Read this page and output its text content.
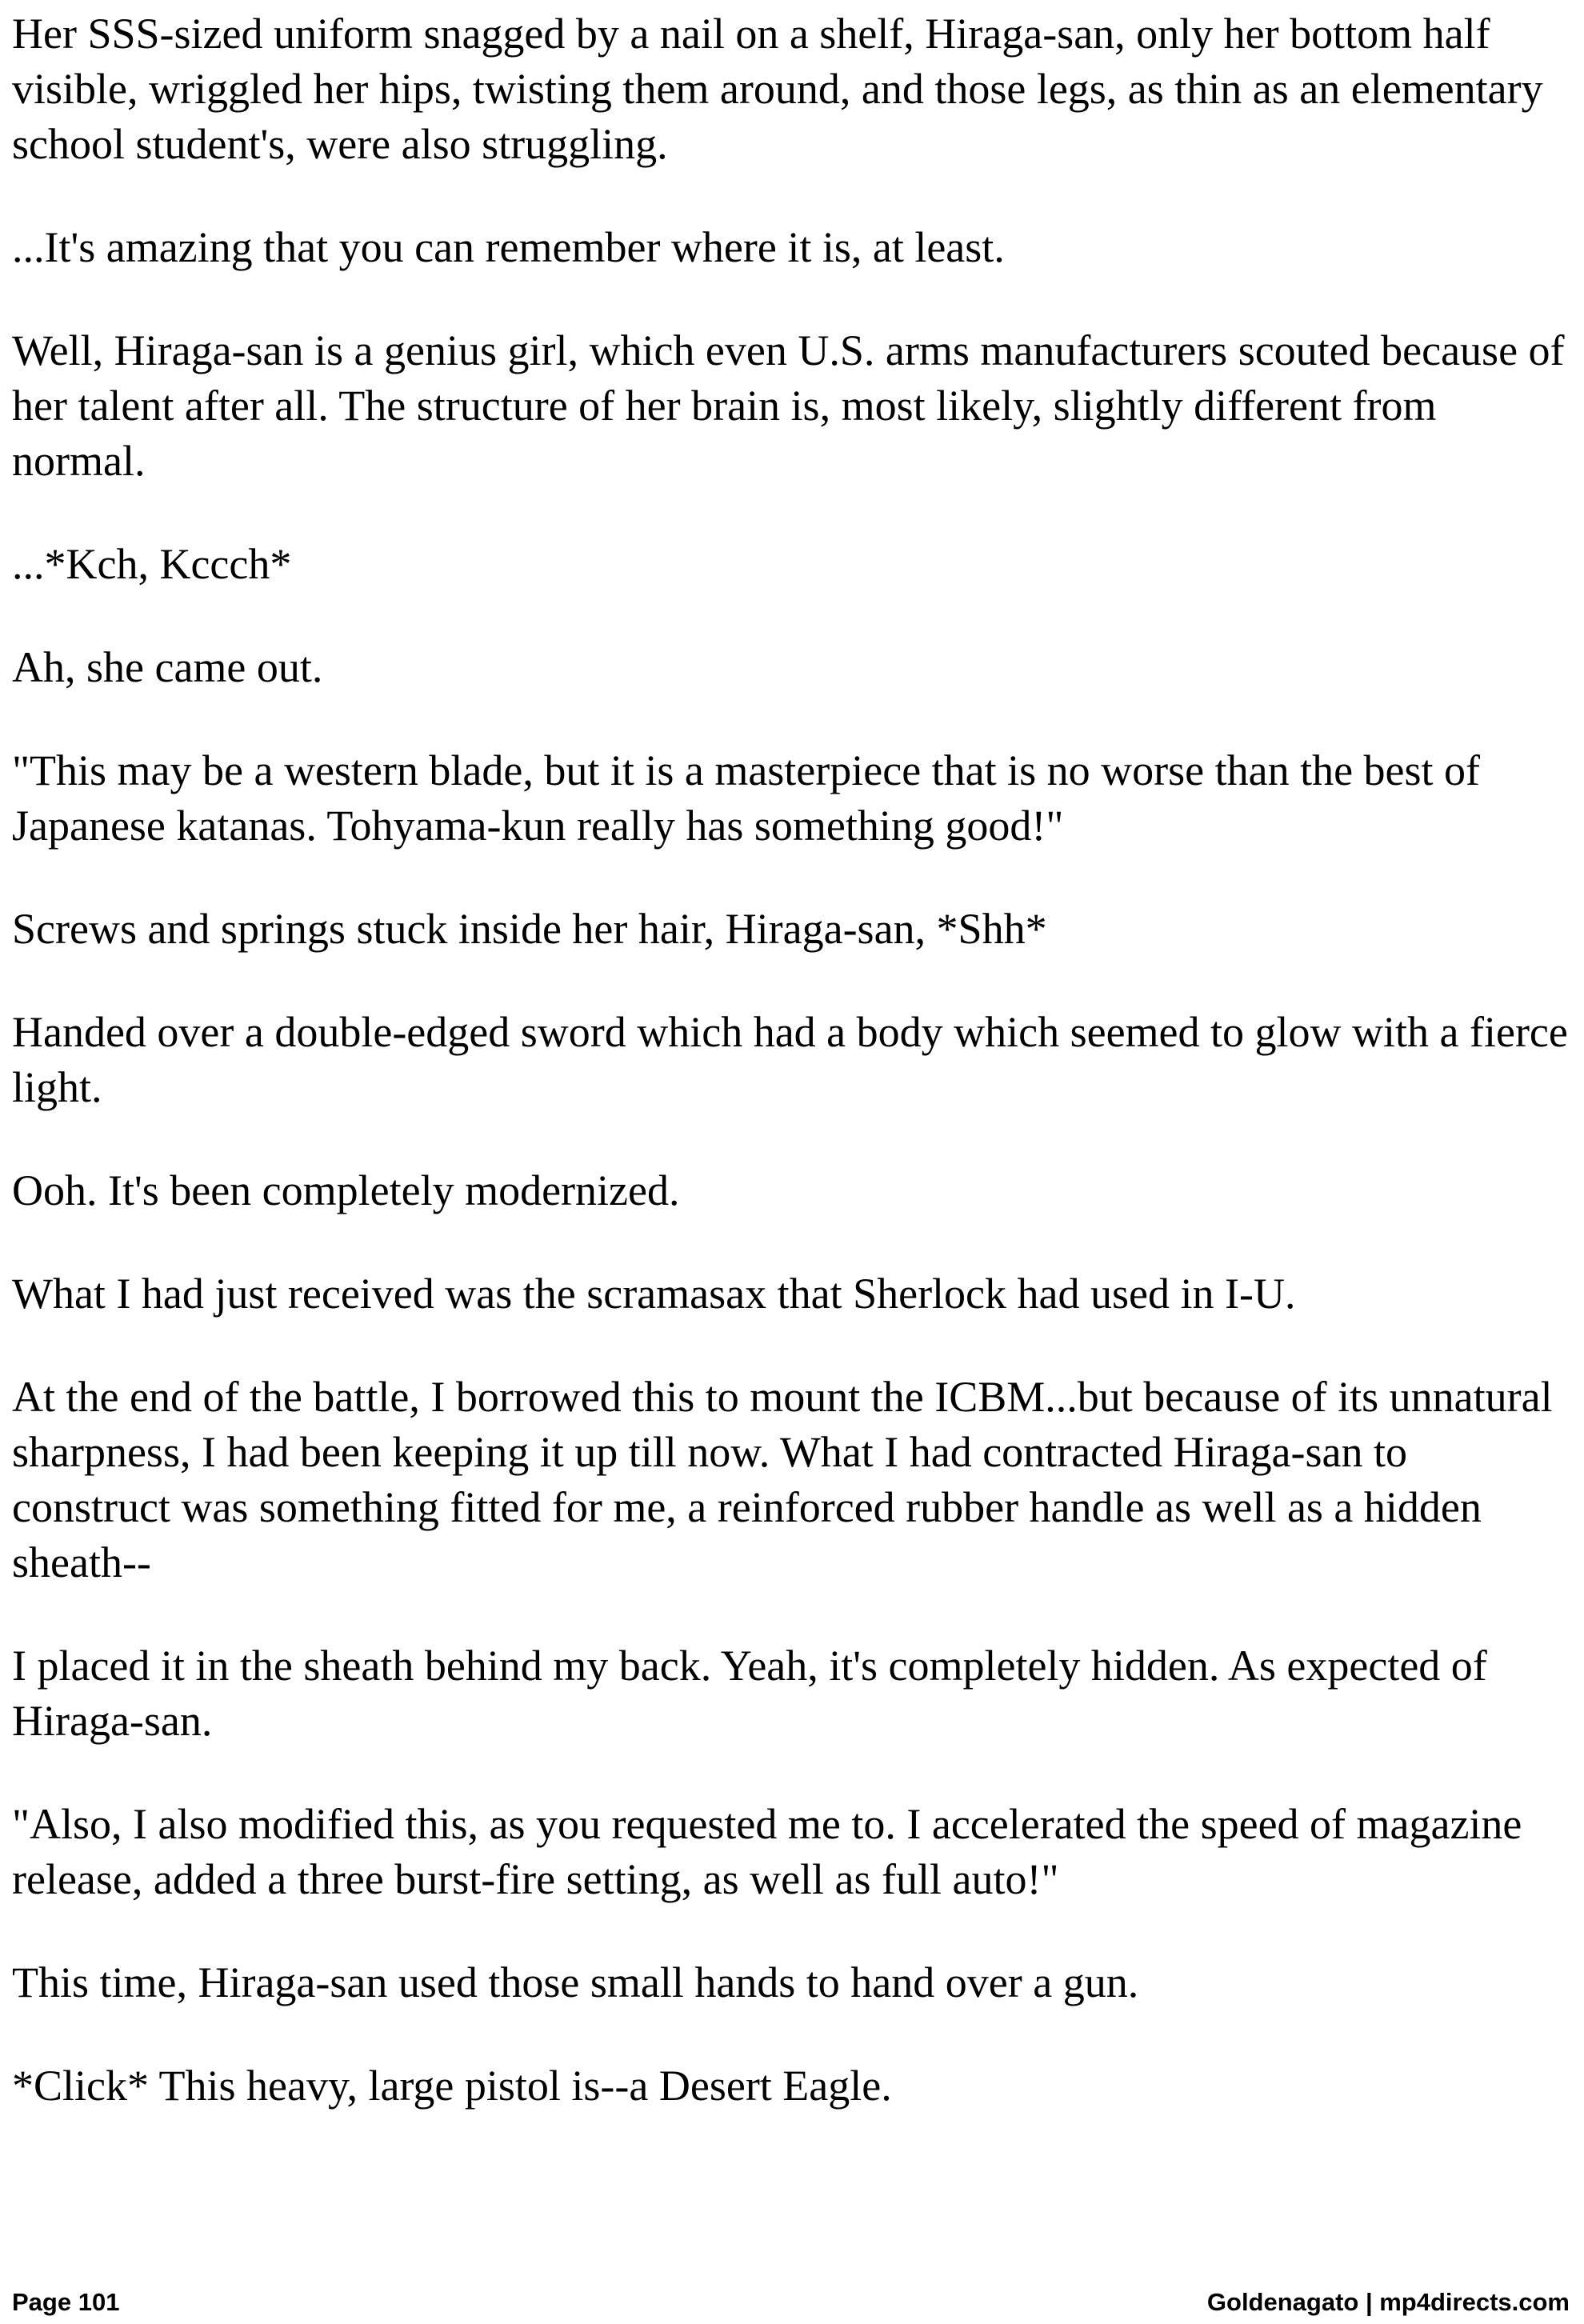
Her SSS-sized uniform snagged by a nail on a shelf, Hiraga-san, only her bottom half visible, wriggled her hips, twisting them around, and those legs, as thin as an elementary school student's, were also struggling.

...It's amazing that you can remember where it is, at least.

Well, Hiraga-san is a genius girl, which even U.S. arms manufacturers scouted because of her talent after all. The structure of her brain is, most likely, slightly different from normal.

...*Kch, Kccch*

Ah, she came out.

"This may be a western blade, but it is a masterpiece that is no worse than the best of Japanese katanas. Tohyama-kun really has something good!"

Screws and springs stuck inside her hair, Hiraga-san, *Shh*

Handed over a double-edged sword which had a body which seemed to glow with a fierce light.

Ooh. It's been completely modernized.

What I had just received was the scramasax that Sherlock had used in I-U.

At the end of the battle, I borrowed this to mount the ICBM...but because of its unnatural sharpness, I had been keeping it up till now. What I had contracted Hiraga-san to construct was something fitted for me, a reinforced rubber handle as well as a hidden sheath--

I placed it in the sheath behind my back. Yeah, it's completely hidden. As expected of Hiraga-san.

"Also, I also modified this, as you requested me to. I accelerated the speed of magazine release, added a three burst-fire setting, as well as full auto!"

This time, Hiraga-san used those small hands to hand over a gun.

*Click* This heavy, large pistol is--a Desert Eagle.

Page 101	Goldenagato | mp4directs.com
